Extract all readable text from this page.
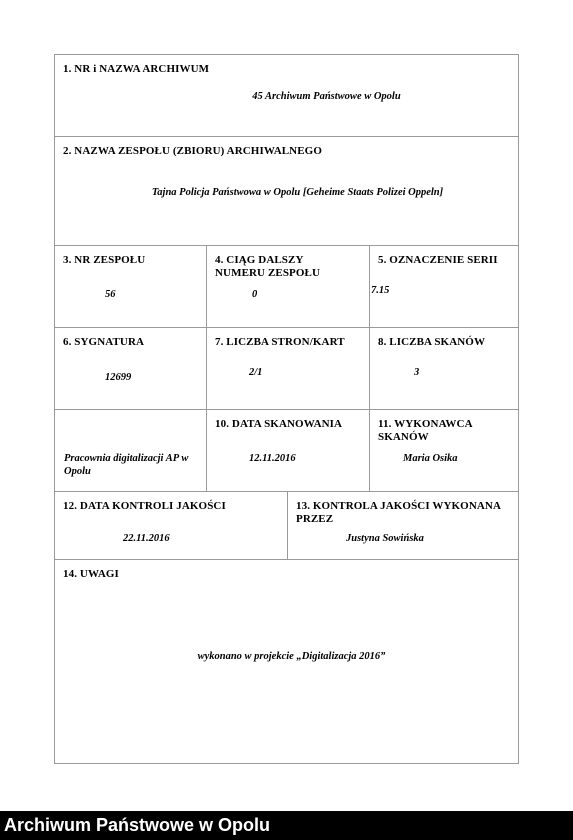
1. NR i NAZWA ARCHIWUM
45 Archiwum Państwowe w Opolu
2. NAZWA ZESPOŁU (ZBIORU) ARCHIWALNEGO
Tajna Policja Państwowa w Opolu [Geheime Staats Polizei Oppeln]
3. NR ZESPOŁU
56
4. CIĄG DALSZY NUMERU ZESPOŁU
0
5. OZNACZENIE SERII
7.15
6. SYGNATURA
12699
7. LICZBA STRON/KART
2/1
8. LICZBA SKANÓW
3
Pracownia digitalizacji AP w Opolu
10. DATA SKANOWANIA
12.11.2016
11. WYKONAWCA SKANÓW
Maria Osika
12. DATA KONTROLI JAKOŚCI
22.11.2016
13. KONTROLA JAKOŚCI WYKONANA PRZEZ
Justyna Sowińska
14. UWAGI
wykonano w projekcie „Digitalizacja 2016”
Archiwum Państwowe w Opolu
